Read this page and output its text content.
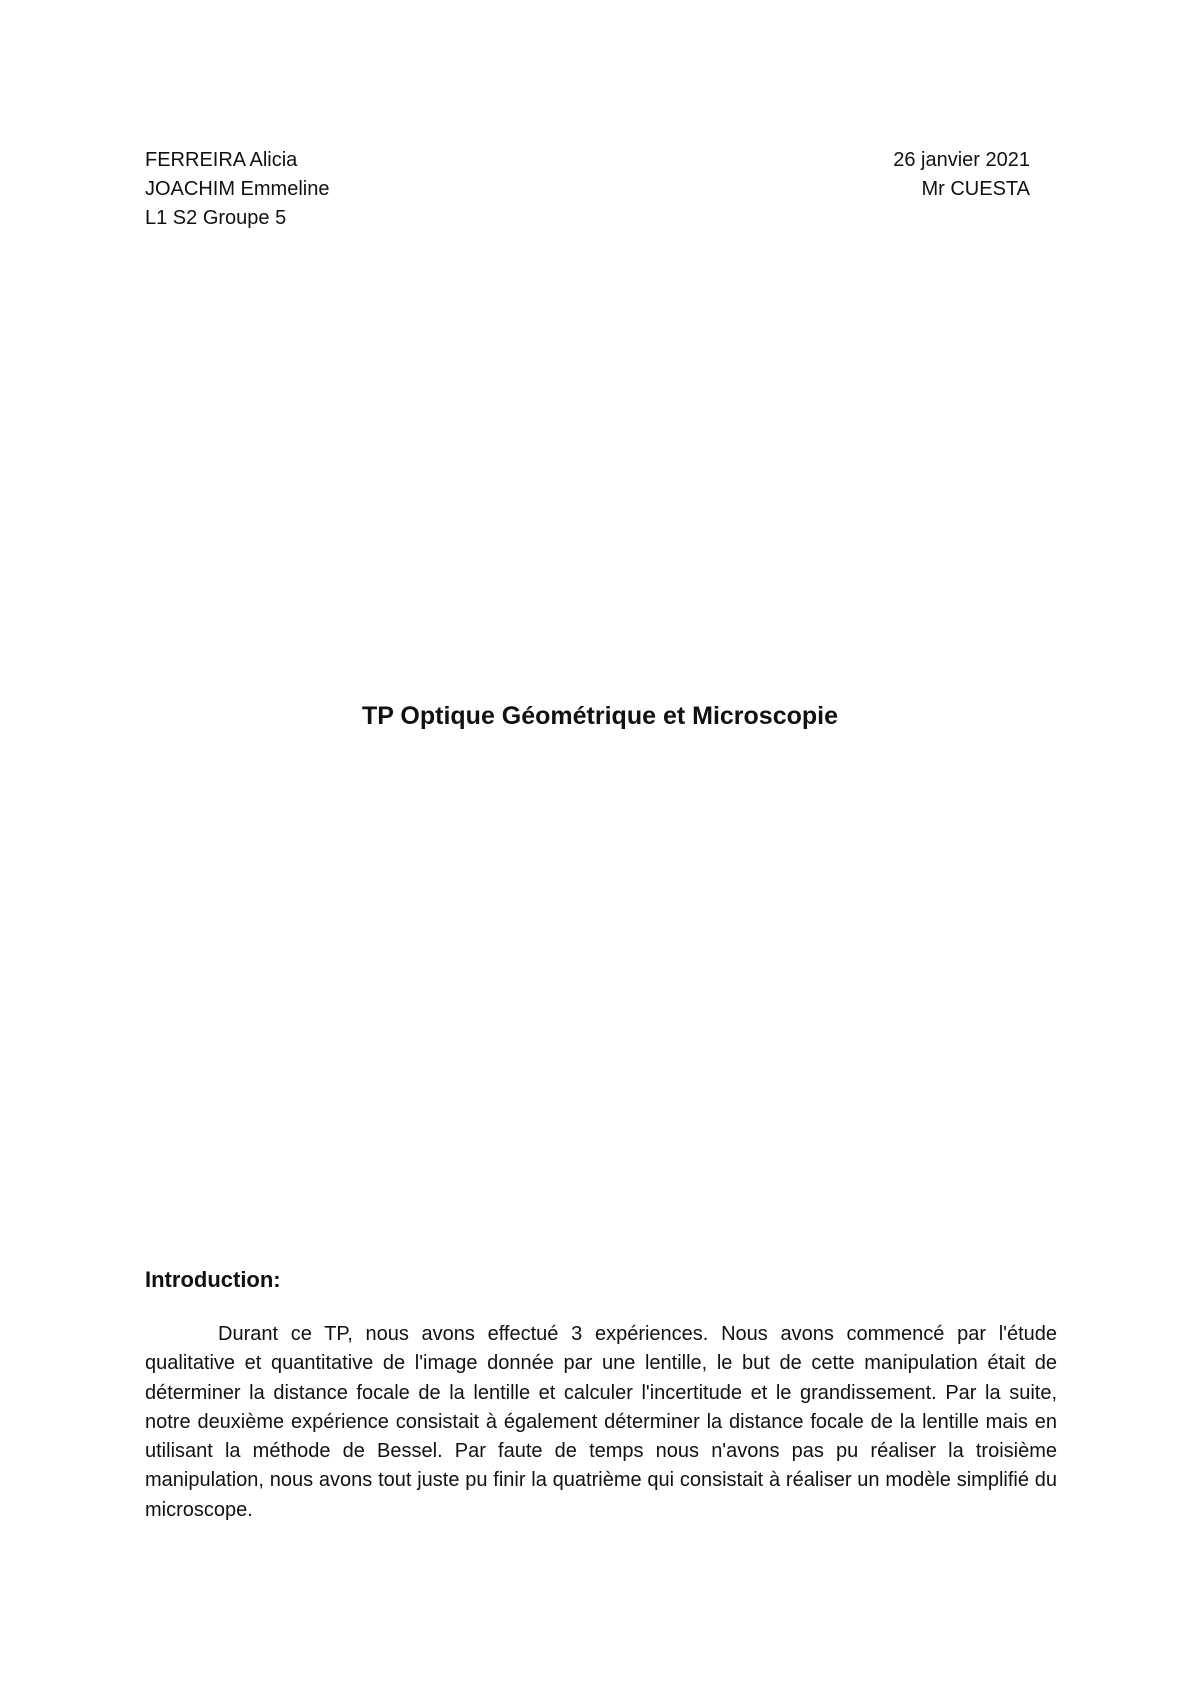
FERREIRA Alicia
JOACHIM Emmeline
L1 S2 Groupe 5
26 janvier 2021
Mr CUESTA
TP Optique Géométrique et Microscopie
Introduction:

Durant ce TP, nous avons effectué 3 expériences. Nous avons commencé par l'étude qualitative et quantitative de l'image donnée par une lentille, le but de cette manipulation était de déterminer la distance focale de la lentille et calculer l'incertitude et le grandissement. Par la suite, notre deuxième expérience consistait à également déterminer la distance focale de la lentille mais en utilisant la méthode de Bessel. Par faute de temps nous n'avons pas pu réaliser la troisième manipulation, nous avons tout juste pu finir la quatrième qui consistait à réaliser un modèle simplifié du microscope.
